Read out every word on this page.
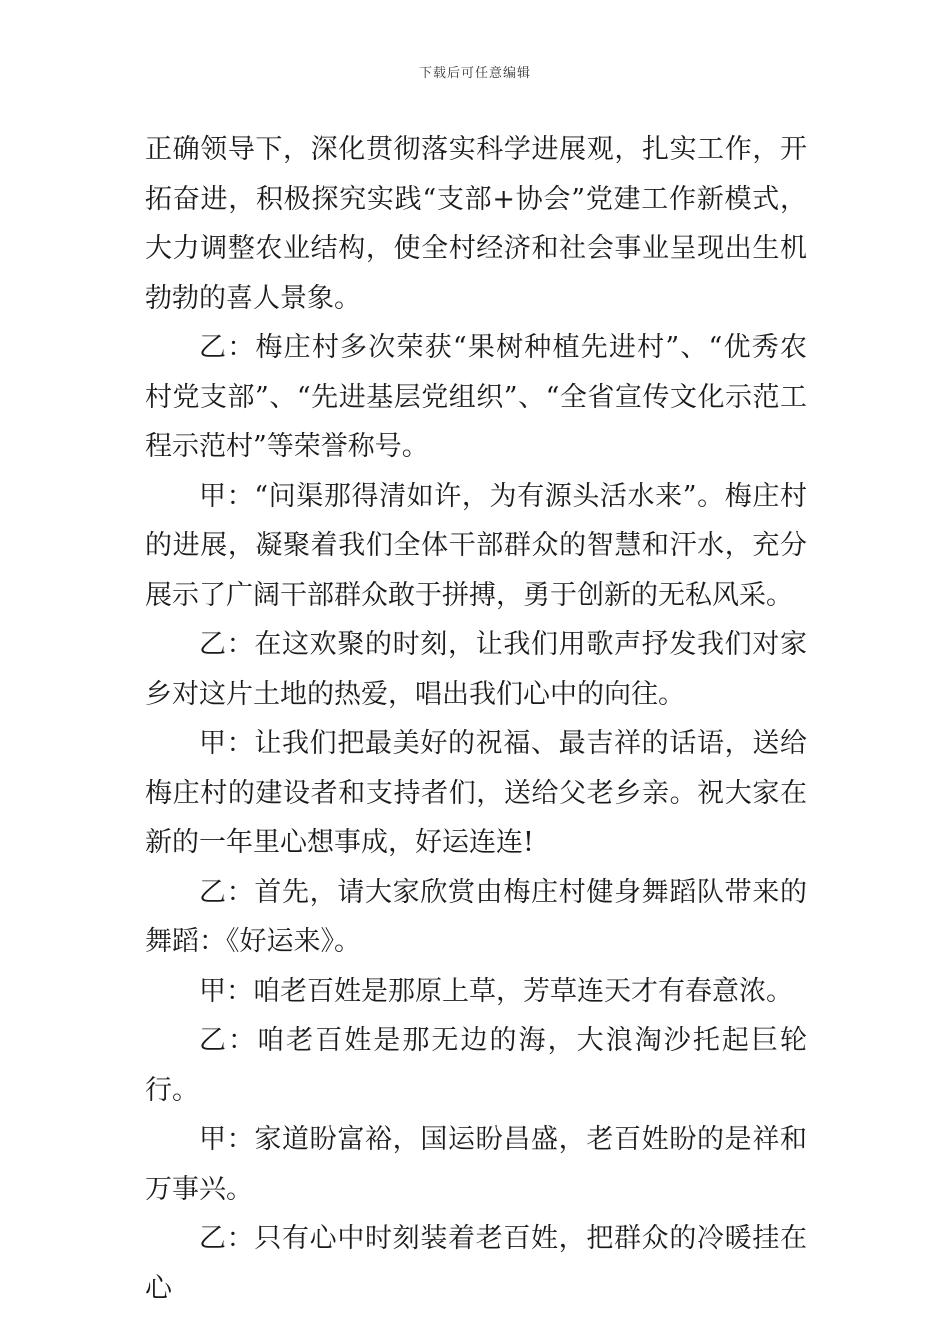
下载后可任意编辑

正确领导下，深化贯彻落实科学进展观，扎实工作，开拓奋进，积极探究实践“支部+协会”党建工作新模式，大力调整农业结构，使全村经济和社会事业呈现出生机勃勃的喜人景象。

乙：梅庄村多次荣获“果树种植先进村”、“优秀农村党支部”、“先进基层党组织”、“全省宣传文化示范工程示范村”等荣誉称号。

甲：“问渠那得清如许，为有源头活水来”。梅庄村的进展，凝聚着我们全体干部群众的智慧和汗水，充分展示了广阔干部群众敢于拼搏，勇于创新的无私风采。

乙：在这欢聚的时刻，让我们用歌声抒发我们对家乡对这片土地的热爱，唱出我们心中的向往。

甲：让我们把最美好的祝福、最吉祥的话语，送给梅庄村的建设者和支持者们，送给父老乡亲。祝大家在新的一年里心想事成，好运连连!

乙：首先，请大家欣赏由梅庄村健身舞蹈队带来的舞蹈：《好运来》。

甲：咱老百姓是那原上草，芳草连天才有春意浓。

乙：咱老百姓是那无边的海，大浪淘沙托起巨轮行。

甲：家道盼富裕，国运盼昌盛，老百姓盼的是祥和万事兴。

乙：只有心中时刻装着老百姓，把群众的冷暖挂在心
